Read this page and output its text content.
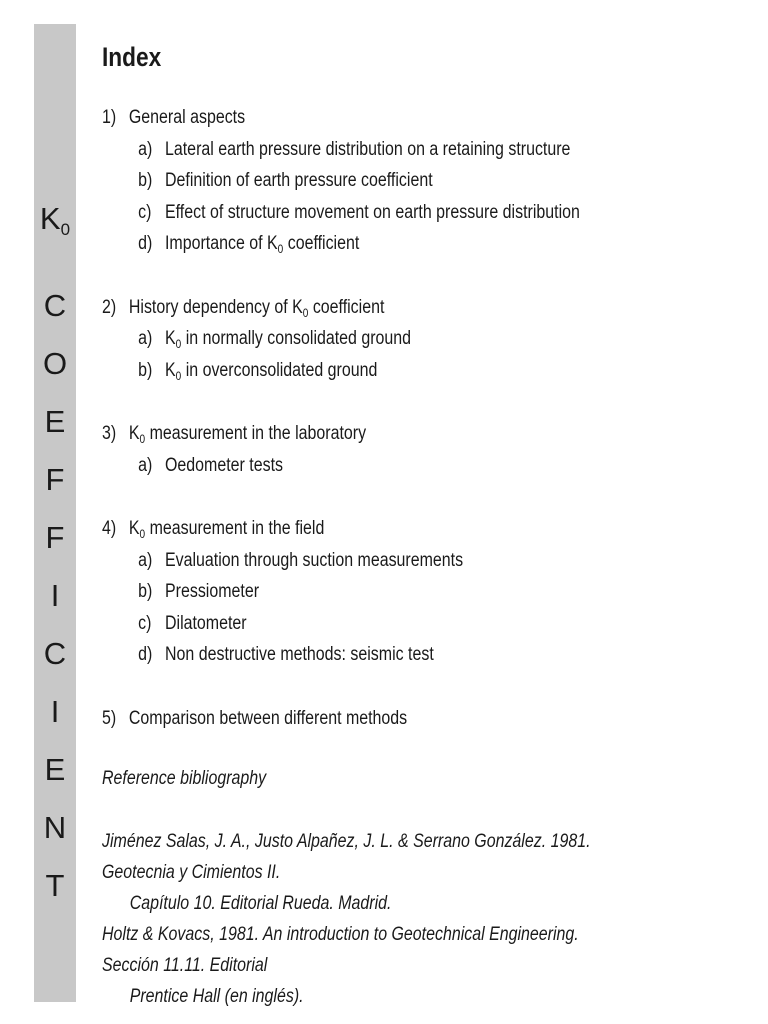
$K_0$
C
O
E
F
F
I
C
I
E
N
T
Index
1) General aspects
a) Lateral earth pressure distribution on a retaining structure
b) Definition of earth pressure coefficient
c) Effect of structure movement on earth pressure distribution
d) Importance of $K_0$ coefficient
2) History dependency of $K_0$ coefficient
a) $K_0$ in normally consolidated ground
b) $K_0$ in overconsolidated ground
3) $K_0$ measurement in the laboratory
a) Oedometer tests
4) $K_0$ measurement in the field
a) Evaluation through suction measurements
b) Pressiometer
c) Dilatometer
d) Non destructive methods: seismic test
5) Comparison between different methods
Reference bibliography
Jiménez Salas, J. A., Justo Alpañez, J. L. & Serrano González. 1981. Geotecnia y Cimientos II.
Capítulo 10. Editorial Rueda. Madrid.
Holtz & Kovacs, 1981. An introduction to Geotechnical Engineering. Sección 11.11. Editorial
Prentice Hall (en inglés).
